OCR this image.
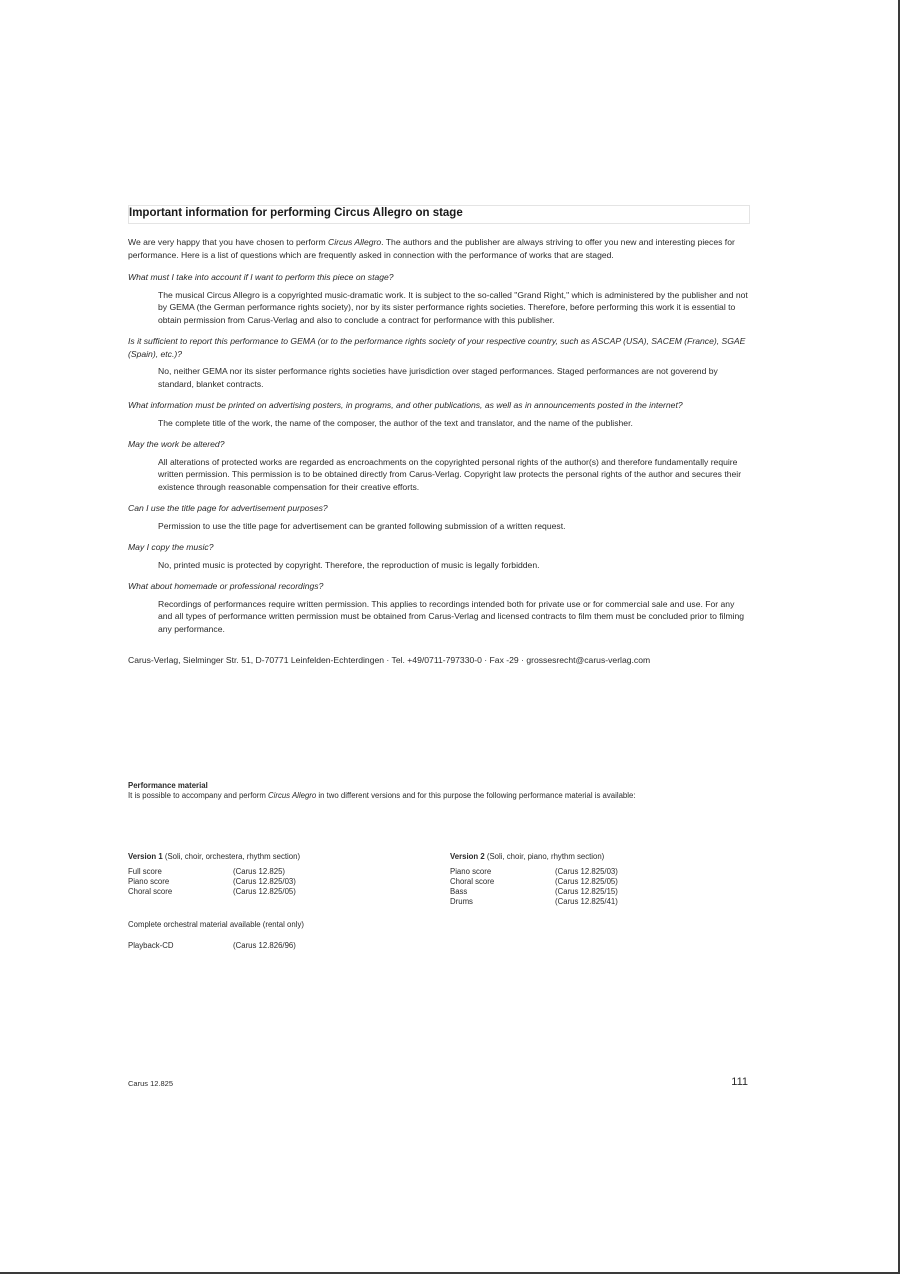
Important information for performing Circus Allegro on stage

We are very happy that you have chosen to perform Circus Allegro. The authors and the publisher are always striving to offer you new and interesting pieces for performance. Here is a list of questions which are frequently asked in connection with the performance of works that are staged.

What must I take into account if I want to perform this piece on stage?

The musical Circus Allegro is a copyrighted music-dramatic work. It is subject to the so-called "Grand Right," which is administered by the publisher and not by GEMA (the German performance rights society), nor by its sister performance rights societies. Therefore, before performing this work it is essential to obtain permission from Carus-Verlag and also to conclude a contract for performance with this publisher.

Is it sufficient to report this performance to GEMA (or to the performance rights society of your respective country, such as ASCAP (USA), SACEM (France), SGAE (Spain), etc.)?

No, neither GEMA nor its sister performance rights societies have jurisdiction over staged performances. Staged performances are not goverend by standard, blanket contracts.

What information must be printed on advertising posters, in programs, and other publications, as well as in announcements posted in the internet?

The complete title of the work, the name of the composer, the author of the text and translator, and the name of the publisher.

May the work be altered?

All alterations of protected works are regarded as encroachments on the copyrighted personal rights of the author(s) and therefore fundamentally require written permission. This permission is to be obtained directly from Carus-Verlag. Copyright law protects the personal rights of the author and secures their existence through reasonable compensation for their creative efforts.

Can I use the title page for advertisement purposes?

Permission to use the title page for advertisement can be granted following submission of a written request.

May I copy the music?

No, printed music is protected by copyright. Therefore, the reproduction of music is legally forbidden.

What about homemade or professional recordings?

Recordings of performances require written permission. This applies to recordings intended both for private use or for commercial sale and use. For any and all types of performance written permission must be obtained from Carus-Verlag and licensed contracts to film them must be concluded prior to filming any performance.

Carus-Verlag, Sielminger Str. 51, D-70771 Leinfelden-Echterdingen · Tel. +49/0711-797330-0 · Fax -29 · grossesrecht@carus-verlag.com
Performance material
It is possible to accompany and perform Circus Allegro in two different versions and for this purpose the following performance material is available:
Version 1 (Soli, choir, orchestera, rhythm section)
Full score	(Carus 12.825)
Piano score	(Carus 12.825/03)
Choral score	(Carus 12.825/05)
Version 2 (Soli, choir, piano, rhythm section)
Piano score	(Carus 12.825/03)
Choral score	(Carus 12.825/05)
Bass	(Carus 12.825/15)
Drums	(Carus 12.825/41)
Complete orchestral material available (rental only)
Playback-CD	(Carus 12.826/96)
Carus 12.825	111
